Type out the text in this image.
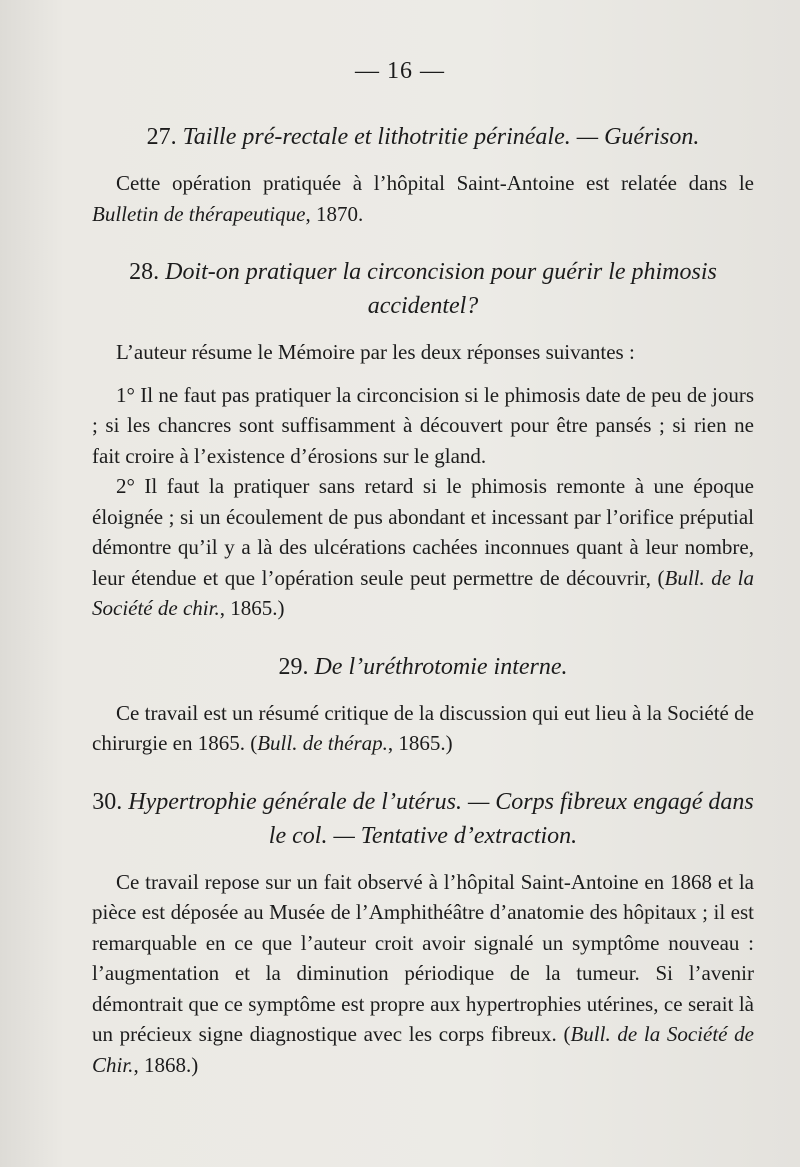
— 16 —

27. Taille pré-rectale et lithotritie périnéale. — Guérison.

Cette opération pratiquée à l’hôpital Saint-Antoine est relatée dans le Bulletin de thérapeutique, 1870.

28. Doit-on pratiquer la circoncision pour guérir le phimosis accidentel?

L’auteur résume le Mémoire par les deux réponses suivantes :

1° Il ne faut pas pratiquer la circoncision si le phimosis date de peu de jours ; si les chancres sont suffisamment à découvert pour être pansés ; si rien ne fait croire à l’existence d’érosions sur le gland.

2° Il faut la pratiquer sans retard si le phimosis remonte à une époque éloignée ; si un écoulement de pus abondant et incessant par l’orifice préputial démontre qu’il y a là des ulcérations cachées inconnues quant à leur nombre, leur étendue et que l’opération seule peut permettre de découvrir, (Bull. de la Société de chir., 1865.)

29. De l’uréthrotomie interne.

Ce travail est un résumé critique de la discussion qui eut lieu à la Société de chirurgie en 1865. (Bull. de thérap., 1865.)

30. Hypertrophie générale de l’utérus. — Corps fibreux engagé dans le col. — Tentative d’extraction.

Ce travail repose sur un fait observé à l’hôpital Saint-Antoine en 1868 et la pièce est déposée au Musée de l’Amphithéâtre d’anatomie des hôpitaux ; il est remarquable en ce que l’auteur croit avoir signalé un symptôme nouveau : l’augmentation et la diminution périodique de la tumeur. Si l’avenir démontrait que ce symptôme est propre aux hypertrophies utérines, ce serait là un précieux signe diagnostique avec les corps fibreux. (Bull. de la Société de Chir., 1868.)
